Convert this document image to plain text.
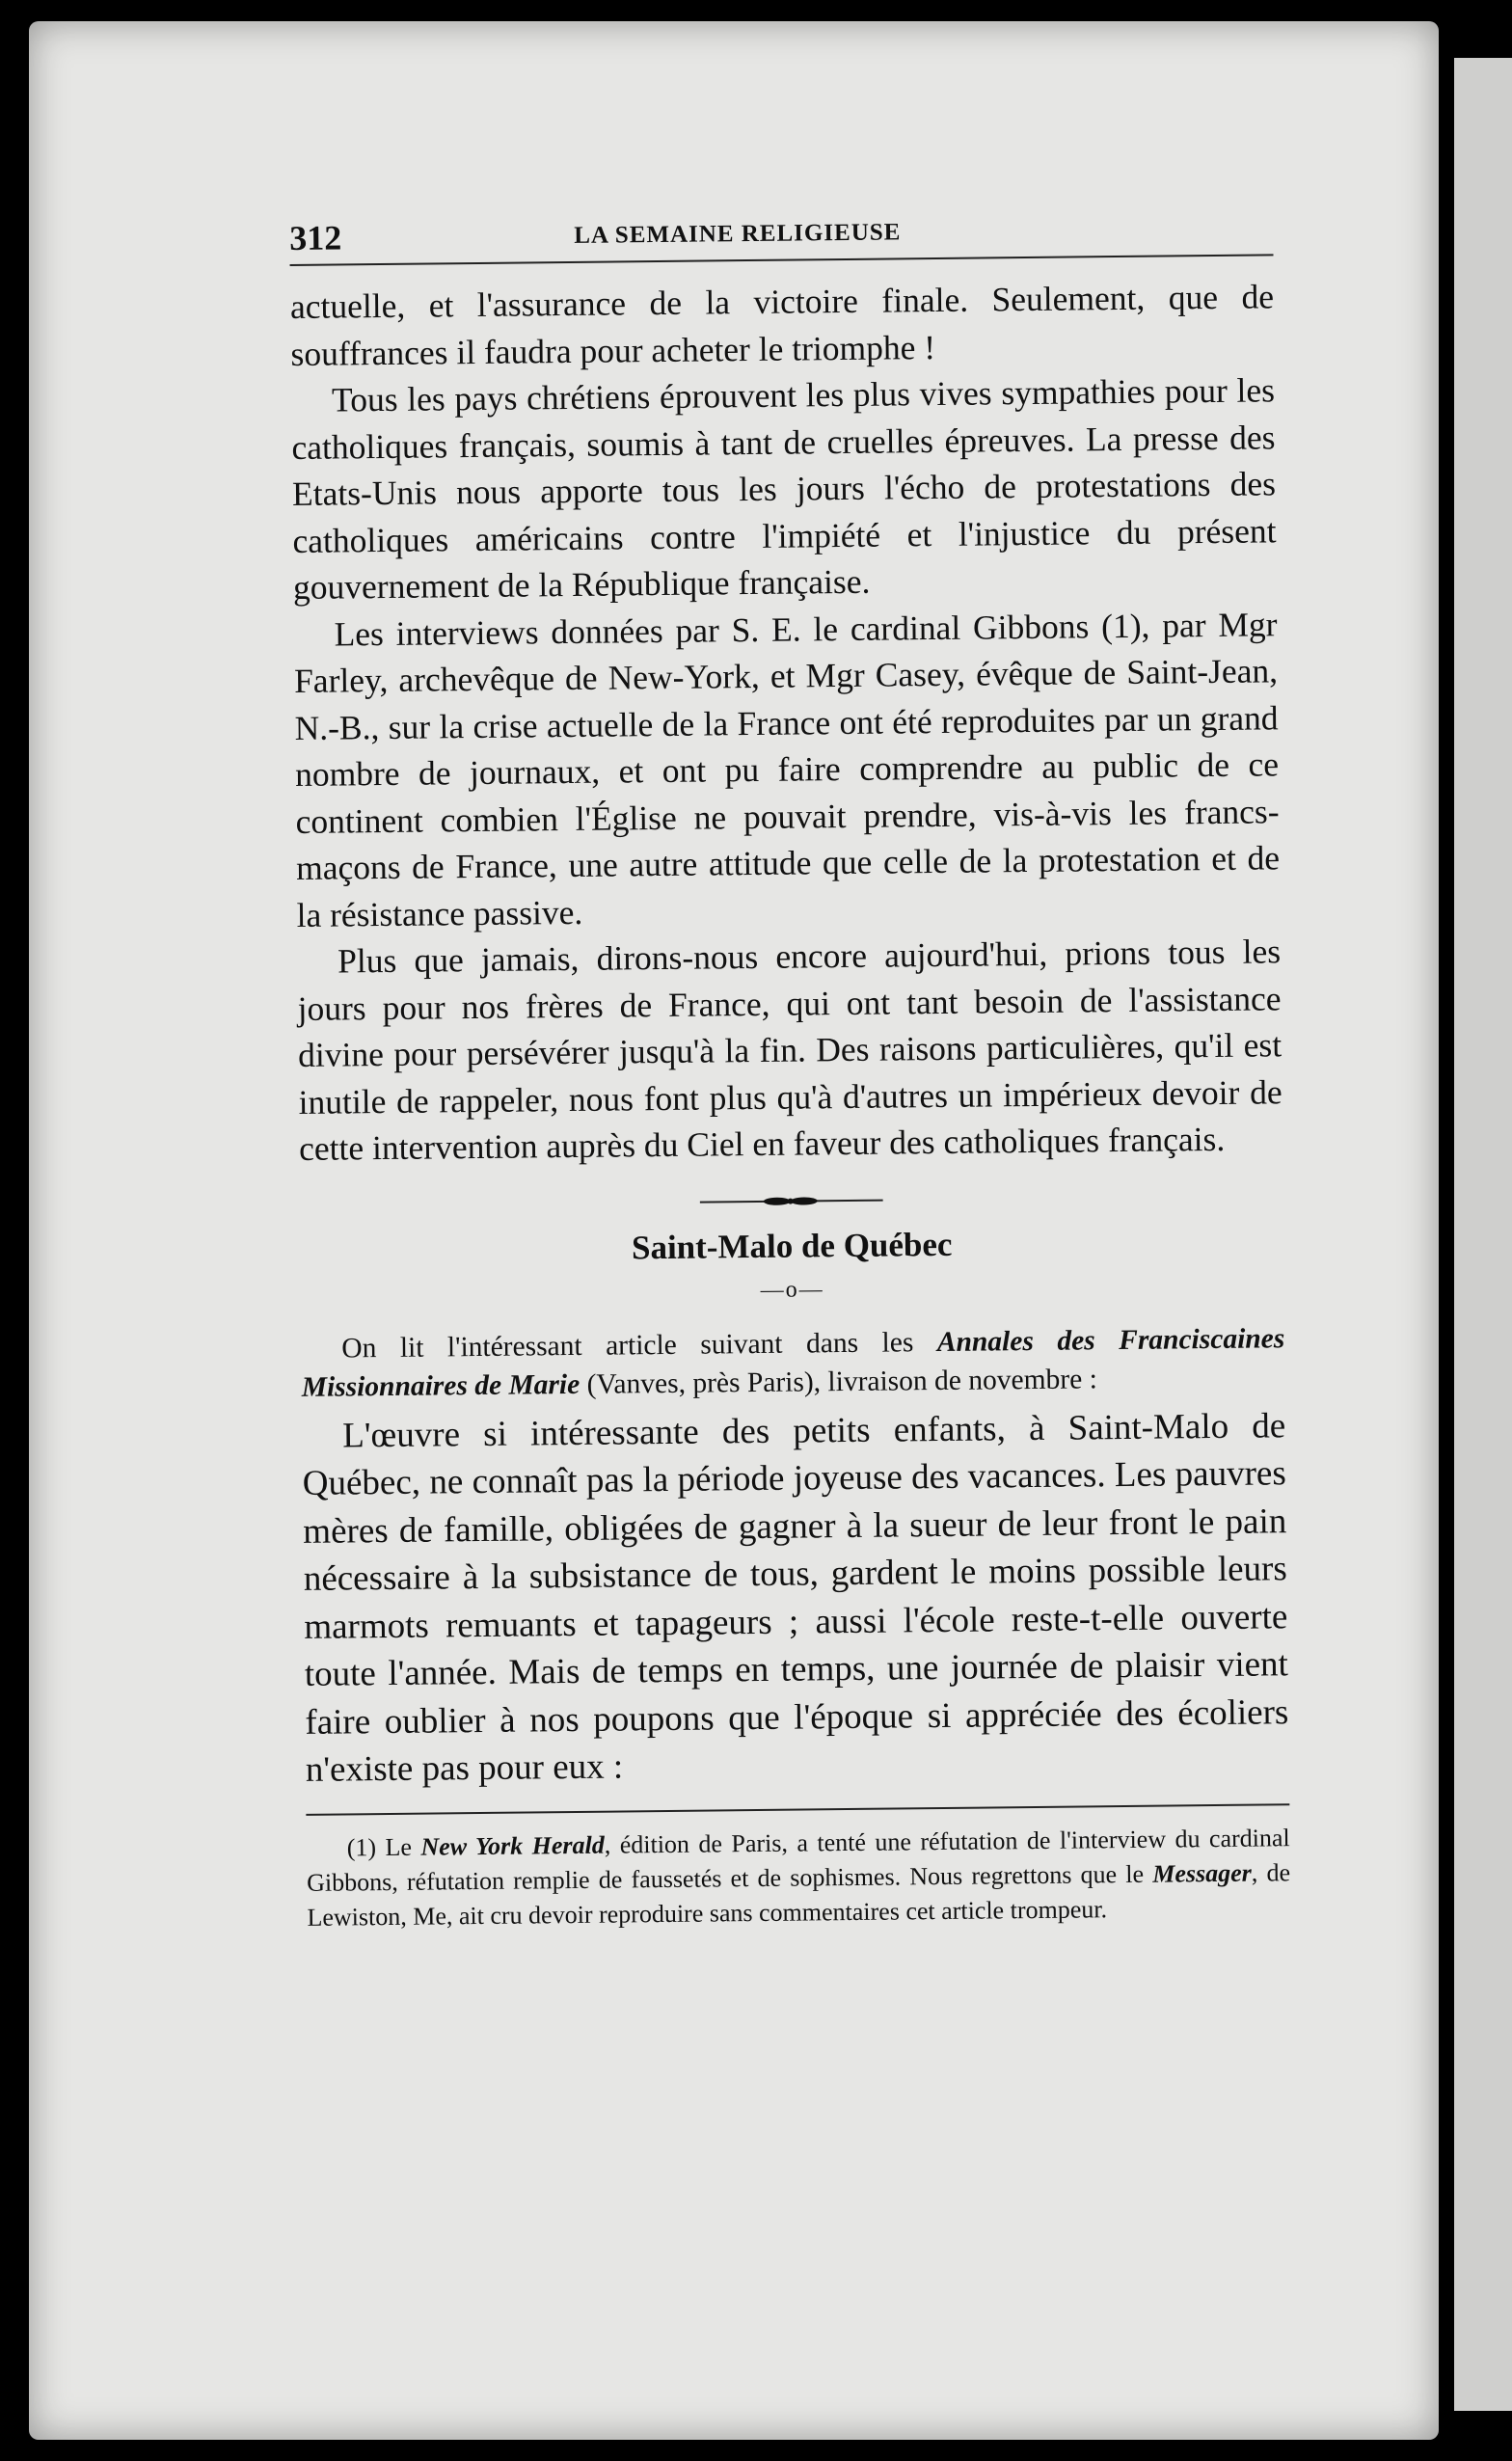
312	LA SEMAINE RELIGIEUSE

actuelle, et l'assurance de la victoire finale. Seulement, que de souffrances il faudra pour acheter le triomphe !

Tous les pays chrétiens éprouvent les plus vives sympathies pour les catholiques français, soumis à tant de cruelles épreuves. La presse des Etats-Unis nous apporte tous les jours l'écho de protestations des catholiques américains contre l'impiété et l'injustice du présent gouvernement de la République française.

Les interviews données par S. E. le cardinal Gibbons (1), par Mgr Farley, archevêque de New-York, et Mgr Casey, évêque de Saint-Jean, N.-B., sur la crise actuelle de la France ont été reproduites par un grand nombre de journaux, et ont pu faire comprendre au public de ce continent combien l'Église ne pouvait prendre, vis-à-vis les francs-maçons de France, une autre attitude que celle de la protestation et de la résistance passive.

Plus que jamais, dirons-nous encore aujourd'hui, prions tous les jours pour nos frères de France, qui ont tant besoin de l'assistance divine pour persévérer jusqu'à la fin. Des raisons particulières, qu'il est inutile de rappeler, nous font plus qu'à d'autres un impérieux devoir de cette intervention auprès du Ciel en faveur des catholiques français.

Saint-Malo de Québec
—o—

On lit l'intéressant article suivant dans les Annales des Franciscaines Missionnaires de Marie (Vanves, près Paris), livraison de novembre :

L'œuvre si intéressante des petits enfants, à Saint-Malo de Québec, ne connaît pas la période joyeuse des vacances. Les pauvres mères de famille, obligées de gagner à la sueur de leur front le pain nécessaire à la subsistance de tous, gardent le moins possible leurs marmots remuants et tapageurs ; aussi l'école reste-t-elle ouverte toute l'année. Mais de temps en temps, une journée de plaisir vient faire oublier à nos poupons que l'époque si appréciée des écoliers n'existe pas pour eux :

(1) Le New York Herald, édition de Paris, a tenté une réfutation de l'interview du cardinal Gibbons, réfutation remplie de faussetés et de sophismes. Nous regrettons que le Messager, de Lewiston, Me, ait cru devoir reproduire sans commentaires cet article trompeur.
